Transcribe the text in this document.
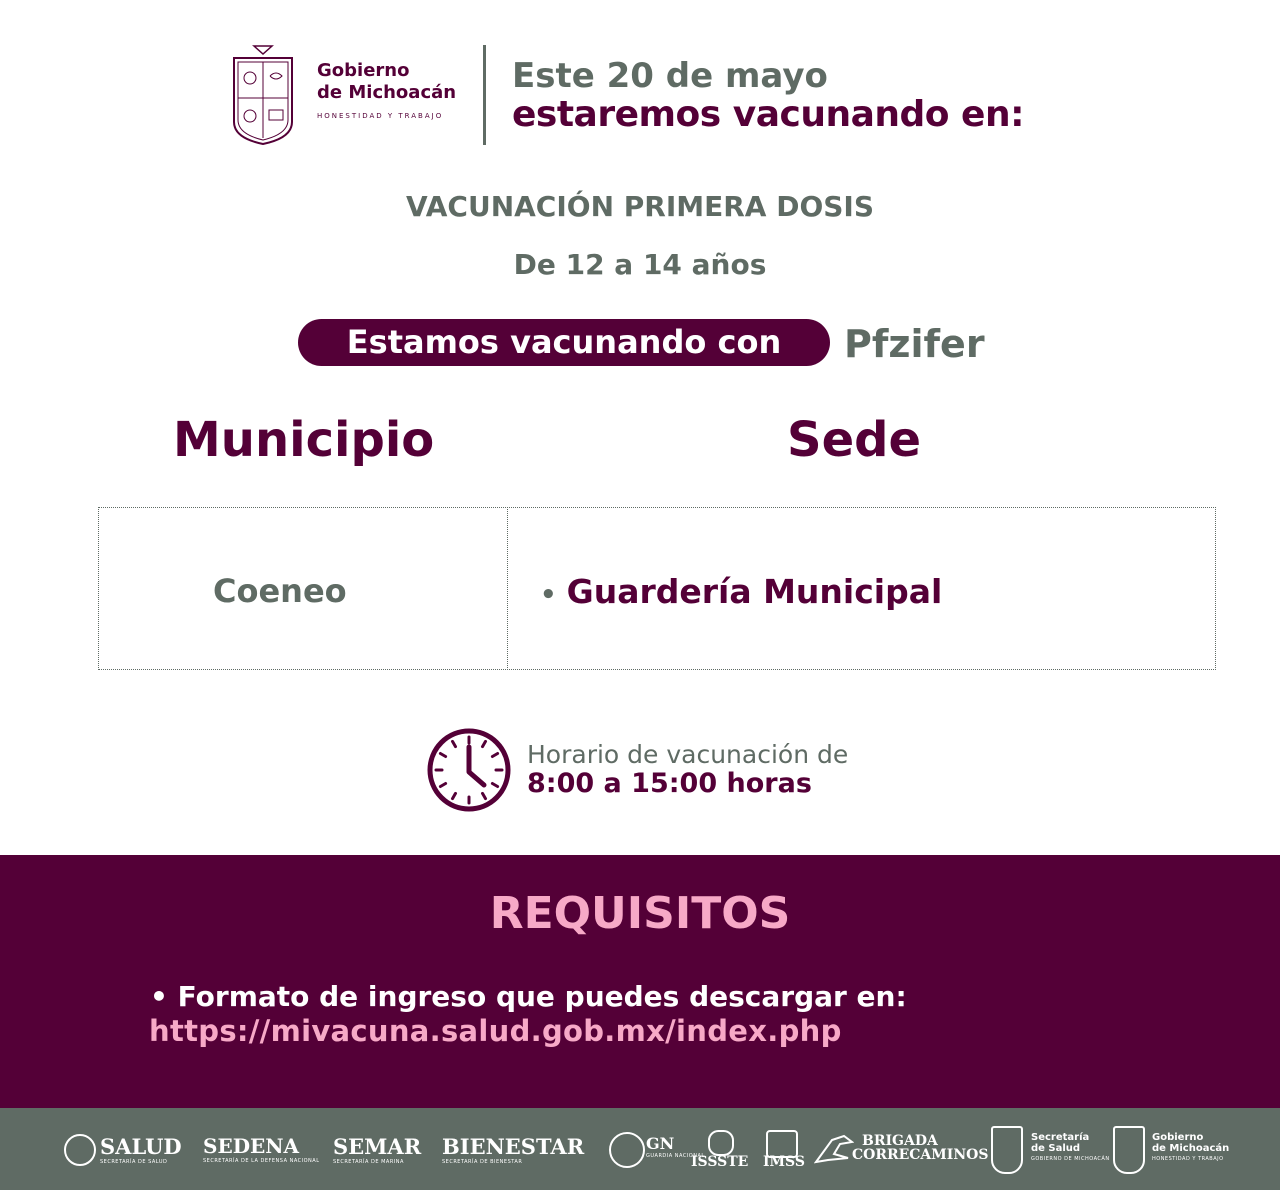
Gobierno
de Michoacán
HONESTIDAD Y TRABAJO
Este 20 de mayo
estaremos vacunando en:
VACUNACIÓN PRIMERA DOSIS
De 12 a 14 años
Estamos vacunando con	Pfzifer
Municipio	Sede
Coeneo	• Guardería Municipal
Horario de vacunación de
8:00 a 15:00 horas
REQUISITOS
• Formato de ingreso que puedes descargar en:
https://mivacuna.salud.gob.mx/index.php
SALUD
SECRETARÍA DE SALUD
SEDENA
SECRETARÍA DE LA DEFENSA NACIONAL
SEMAR
SECRETARÍA DE MARINA
BIENESTAR
SECRETARÍA DE BIENESTAR
GN
GUARDIA NACIONAL
ISSSTE IMSS
BRIGADA
CORRECAMINOS
Secretaría
de Salud
GOBIERNO DE MICHOACÁN
Gobierno
de Michoacán
HONESTIDAD Y TRABAJO
